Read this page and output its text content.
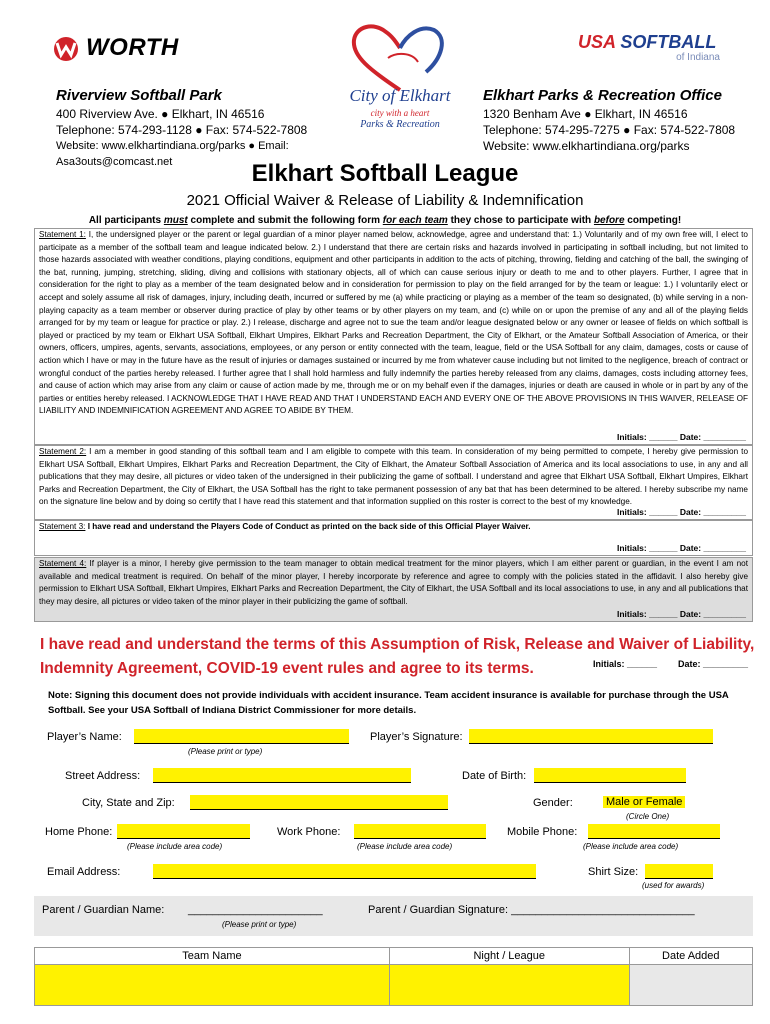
WORTH
City of Elkhart
city with a heart
Parks & Recreation
USA SOFTBALL
of Indiana
Riverview Softball Park
400 Riverview Ave. ● Elkhart, IN 46516
Telephone: 574-293-1128 ● Fax: 574-522-7808
Website: www.elkhartindiana.org/parks ● Email: Asa3outs@comcast.net
Elkhart Parks & Recreation Office
1320 Benham Ave ● Elkhart, IN 46516
Telephone: 574-295-7275 ● Fax: 574-522-7808
Website: www.elkhartindiana.org/parks
Elkhart Softball League
2021 Official Waiver & Release of Liability & Indemnification
All participants must complete and submit the following form for each team they chose to participate with before competing!
Statement 1: I, the undersigned player or the parent or legal guardian of a minor player named below, acknowledge, agree and understand that: 1.) Voluntarily and of my own free will, I elect to participate as a member of the softball team and league indicated below. 2.) I understand that there are certain risks and hazards involved in participating in softball including, but not limited to those hazards associated with weather conditions, playing conditions, equipment and other participants in addition to the acts of pitching, throwing, fielding and catching of the ball, the swinging of the bat, running, jumping, stretching, sliding, diving and collisions with stationary objects, all of which can cause serious injury or death to me and to other players. Further, I agree that in consideration for the right to play as a member of the team designated below and in consideration for permission to play on the field arranged for by the team or league: 1.) I voluntarily elect or accept and solely assume all risk of damages, injury, including death, incurred or suffered by me (a) while practicing or playing as a member of the team so designated, (b) while serving in a non-playing capacity as a team member or observer during practice of play by other teams or by other players on my team, and (c) while on or upon the premise of any and all of the playing fields arranged for by my team or league for practice or play. 2.) I release, discharge and agree not to sue the team and/or league designated below or any owner or leasee of fields on which softball is played or practiced by my team or Elkhart USA Softball, Elkhart Umpires, Elkhart Parks and Recreation Department, the City of Elkhart, or the Amateur Softball Association of America, or their owners, officers, umpires, agents, servants, associations, employees, or any person or entity connected with the team, league, field or the USA Softball for any claim, damages, costs or cause of action which I have or may in the future have as the result of injuries or damages sustained or incurred by me from whatever cause including but not limited to the negligence, breach of contract or wrongful conduct of the parties hereby released. I further agree that I shall hold harmless and fully indemnify the parties hereby released from any claims, damages, costs including attorney fees, and cause of action which may arise from any claim or cause of action made by me, through me or on my behalf even if the damages, injuries or death are caused in whole or in part by any of the parties or entities hereby released. I ACKNOWLEDGE THAT I HAVE READ AND THAT I UNDERSTAND EACH AND EVERY ONE OF THE ABOVE PROVISIONS IN THIS WAIVER, RELEASE OF LIABILITY AND INDEMNIFICATION AGREEMENT AND AGREE TO ABIDE BY THEM.
Initials: ______ Date: _________
Statement 2: I am a member in good standing of this softball team and I am eligible to compete with this team. In consideration of my being permitted to compete, I hereby give permission to Elkhart USA Softball, Elkhart Umpires, Elkhart Parks and Recreation Department, the City of Elkhart, the Amateur Softball Association of America and its local associations to use, in any and all publications that they may desire, all pictures or video taken of the undersigned in their publicizing the game of softball. I understand and agree that Elkhart USA Softball, Elkhart Umpires, Elkhart Parks and Recreation Department, the City of Elkhart, the USA Softball has the right to take permanent possession of any bat that has been determined to be altered. I hereby subscribe my name on the signature line below and by doing so certify that I have read this statement and that information supplied on this roster is correct to the best of my knowledge.
Initials: ______ Date: _________
Statement 3: I have read and understand the Players Code of Conduct as printed on the back side of this Official Player Waiver.
Initials: ______ Date: _________
Statement 4: If player is a minor, I hereby give permission to the team manager to obtain medical treatment for the minor players, which I am either parent or guardian, in the event I am not available and medical treatment is required. On behalf of the minor player, I hereby incorporate by reference and agree to comply with the policies stated in the affidavit. I also hereby give permission to Elkhart USA Softball, Elkhart Umpires, Elkhart Parks and Recreation Department, the City of Elkhart, the USA Softball and its local associations to use, in any and all publications that they may desire, all pictures or video taken of the minor player in their publicizing the game of softball.
Initials: ______ Date: _________
I have read and understand the terms of this Assumption of Risk, Release and Waiver of Liability,
Indemnity Agreement, COVID-19 event rules and agree to its terms.	Initials: ______ Date: _________
Note: Signing this document does not provide individuals with accident insurance. Team accident insurance is available for purchase through the USA Softball. See your USA Softball of Indiana District Commissioner for more details.
Player’s Name:
(Please print or type)
Player’s Signature:
Street Address:	Date of Birth:
City, State and Zip:	Gender:	Male or Female
(Circle One)
Home Phone:
(Please include area code)
Work Phone:
(Please include area code)
Mobile Phone:
(Please include area code)
Email Address:	Shirt Size:
(used for awards)
Parent / Guardian Name: ______________________
(Please print or type)
Parent / Guardian Signature: ______________________________
Team Name	Night / League	Date Added
